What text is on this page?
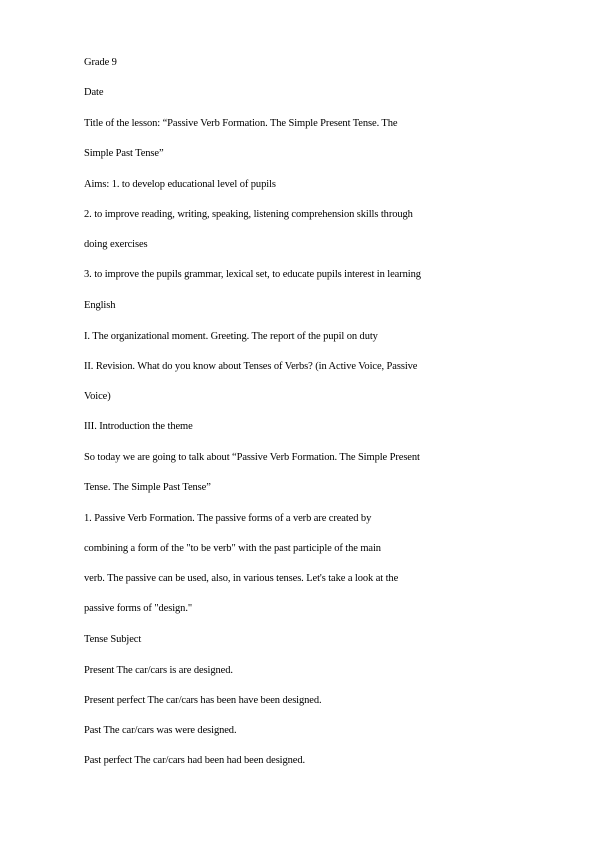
Grade 9
Date
Title of the lesson: “Passive Verb Formation. The Simple Present Tense. The
Simple Past Tense”
Aims: 1. to develop educational level of pupils
2. to improve reading, writing, speaking, listening comprehension skills through
doing exercises
3. to improve the pupils grammar, lexical set, to educate pupils interest in learning
English
I. The organizational moment. Greeting. The report of the pupil on duty
II. Revision. What do you know about Tenses of Verbs? (in Active Voice, Passive
Voice)
III. Introduction the theme
So today we are going to talk about “Passive Verb Formation. The Simple Present
Tense. The Simple Past Tense”
1. Passive Verb Formation. The passive forms of a verb are created by
combining a form of the "to be verb" with the past participle of the main
verb. The passive can be used, also, in various tenses. Let's take a look at the
passive forms of "design."
Tense Subject
Present The car/cars is are designed.
Present perfect The car/cars has been have been designed.
Past The car/cars was were designed.
Past perfect The car/cars had been had been designed.
